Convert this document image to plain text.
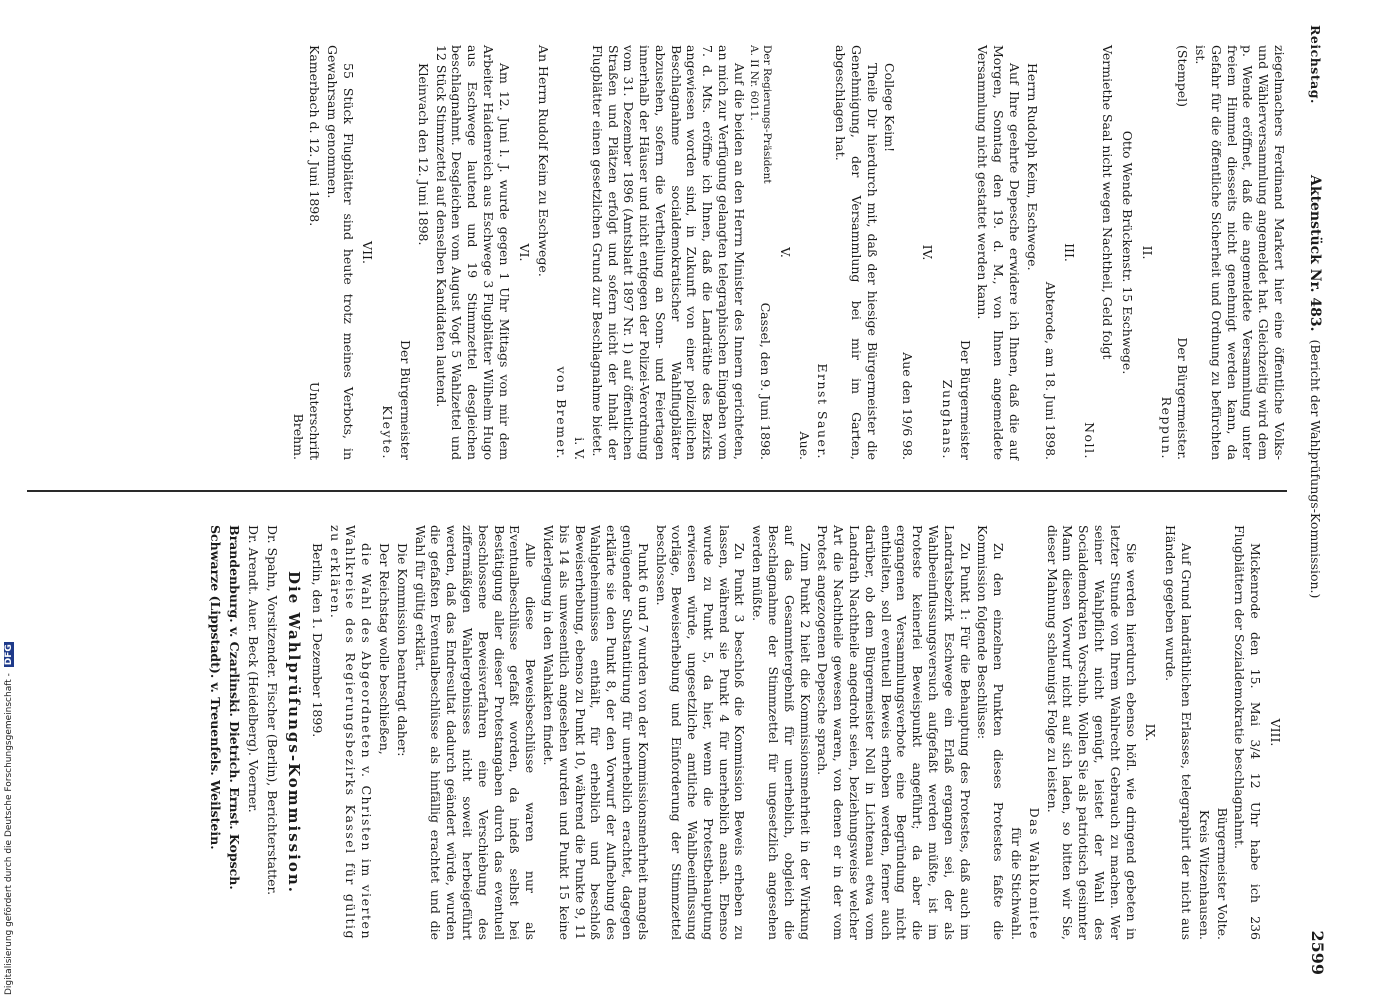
Reichstag.
Aktenstück Nr. 483.  (Bericht der Wahlprüfungs-Kommission.)
2599

ziegelmachers Ferdinand Markert hier eine öffentliche Volks- und Wählerversammlung angemeldet hat. Gleichzeitig wird dem p. Wende eröffnet, daß die angemeldete Versammlung unter freiem Himmel diesseits nicht genehmigt werden kann, da Gefahr für die öffentliche Sicherheit und Ordnung zu befürchten ist.

(Stempel)
Der Bürgermeister.
Reppun.

II.

Otto Wende Brückenstr. 15 Eschwege.

Vermiethe Saal nicht wegen Nachtheil, Geld folgt

Noll.

III.

Abterode, am 18. Juni 1898.

Herrn Rudolph Keim, Eschwege.

Auf Ihre geehrte Depesche erwidere ich Ihnen, daß die auf Morgen, Sonntag den 19. d. M., von Ihnen angemeldete Versammlung nicht gestattet werden kann.

Der Bürgermeister

Zunghans.

IV.

Aue den 19/6 98.

College Keim!

Theile Dir hierdurch mit, daß der hiesige Bürgermeister die Genehmigung, der Versammlung bei mir im Garten, abgeschlagen hat.

Ernst Sauer.

Aue.

V.

Der Regierungs-Präsident
A. II Nr. 6011.
Cassel, den 9. Juni 1898.

Auf die beiden an den Herrn Minister des Innern gerichteten, an mich zur Verfügung gelangten telegraphischen Eingaben vom 7. d. Mts. eröffne ich Ihnen, daß die Landräthe des Bezirks angewiesen worden sind, in Zukunft von einer polizeilichen Beschlagnahme socialdemokratischer Wahlflugblätter abzusehen, sofern die Vertheilung an Sonn- und Feiertagen innerhalb der Häuser und nicht entgegen der Polizei-Verordnung vom 31. Dezember 1896 (Amtsblatt 1897 Nr. 1) auf öffentlichen Straßen und Plätzen erfolgt und sofern nicht der Inhalt der Flugblätter einen gesetzlichen Grund zur Beschlagnahme bietet.

i. V.

von Bremer.

An Herrn Rudolf Keim zu Eschwege.

VI.

Am 12. Juni l. J. wurde gegen 1 Uhr Mittags von mir dem Arbeiter Haidenreich aus Eschwege 3 Flugblätter Wilhelm Hugo aus Eschwege lautend und 19 Stimmzettel desgleichen beschlagnahmt. Desgleichen vom August Vogt 5 Wahlzettel und 12 Stück Stimmzettel auf denselben Kandidaten lautend.

Kleinvach den 12. Juni 1898.

Der Bürgermeister

Kleyte.

VII.

55 Stück Flugblätter sind heute trotz meines Verbots, in Gewahrsam genommen.

Kamerbach d. 12. Juni 1898.
Unterschrift
Brehm.

VIII.

Mickenrode den 15. Mai 3/4 12 Uhr habe ich 236 Flugblättern der Sozialdemokratie beschlagnahmt.

Bürgermeister Volte.

Kreis Witzenhausen.

Auf Grund landräthlichen Erlasses, telegraphirt der nicht aus Händen gegeben wurde.

IX.

Sie werden hierdurch ebenso höfl. wie dringend gebeten in letzter Stunde von Ihrem Wahlrecht Gebrauch zu machen. Wer seiner Wahlpflicht nicht genügt, leistet der Wahl des Socialdemokraten Vorschub. Wollen Sie als patriotisch gesinnter Mann diesen Vorwurf nicht auf sich laden, so bitten wir Sie, dieser Mahnung schleunigst Folge zu leisten.

Das Wahlkomitee

für die Stichwahl.

Zu den einzelnen Punkten dieses Protestes faßte die Kommission folgende Beschlüsse:

Zu Punkt 1: Für die Behauptung des Protestes, daß auch im Landratsbezirk Eschwege ein Erlaß ergangen sei, der als Wahlbeeinflussungsversuch aufgefaßt werden müßte, ist im Proteste keinerlei Beweispunkt angeführt; da aber die ergangenen Versammlungsverbote eine Begründung nicht enthielten, soll eventuell Beweis erhoben werden, ferner auch darüber, ob dem Bürgermeister Noll in Lichtenau etwa vom Landrath Nachtheile angedroht seien, beziehungsweise welcher Art die Nachtheile gewesen waren, von denen er in der vom Protest angezogenen Depesche sprach.

Zum Punkt 2 hielt die Kommissionsmehrheit in der Wirkung auf das Gesammtergebniß für unerheblich, obgleich die Beschlagnahme der Stimmzettel für ungesetzlich angesehen werden müßte.

Zu Punkt 3 beschloß die Kommission Beweis erheben zu lassen, während sie Punkt 4 für unerheblich ansah. Ebenso wurde zu Punkt 5, da hier, wenn die Protestbehauptung erwiesen würde, ungesetzliche amtliche Wahlbeeinflussung vorläge, Beweiserhebung und Einforderung der Stimmzettel beschlossen.

Punkt 6 und 7 wurden von der Kommissionsmehrheit mangels genügender Substantiirung für unerheblich erachtet, dagegen erklärte sie den Punkt 8, der den Vorwurf der Aufhebung des Wahlgeheimnisses enthält, für erheblich und beschloß Beweiserhebung, ebenso zu Punkt 10, während die Punkte 9, 11 bis 14 als unwesentlich angesehen wurden und Punkt 15 keine Widerlegung in den Wahlakten findet.

Alle diese Beweisbeschlüsse waren nur als Eventualbeschlüsse gefaßt worden, da indeß selbst bei Bestätigung aller dieser Protestangaben durch das eventuell beschlossene Beweisverfahren eine Verschiebung des ziffermäßigen Wahlergebnisses nicht soweit herbeigeführt werden, daß das Endresultat dadurch geändert würde, wurden die gefaßten Eventualbeschlüsse als hinfällig erachtet und die Wahl für gültig erklärt.

Die Kommission beantragt daher:

Der Reichstag wolle beschließen,

die Wahl des Abgeordneten v. Christen im vierten Wahlkreise des Regierungsbezirks Kassel für gültig zu erklären.

Berlin, den 1. Dezember 1899.

Die Wahlprüfungs-Kommission.

Dr. Spahn, Vorsitzender. Fischer (Berlin), Berichterstatter.

Dr. Arendt. Auer. Beck (Heidelberg). Voerner.

Brandenburg. v. Czarlinski. Dietrich. Ernst. Kopsch.

Schwarze (Lippstadt). v. Treuenfels. Weilstein.

Digitalisierung gefördert durch die Deutsche Forschungsgemeinschaft - DFG
